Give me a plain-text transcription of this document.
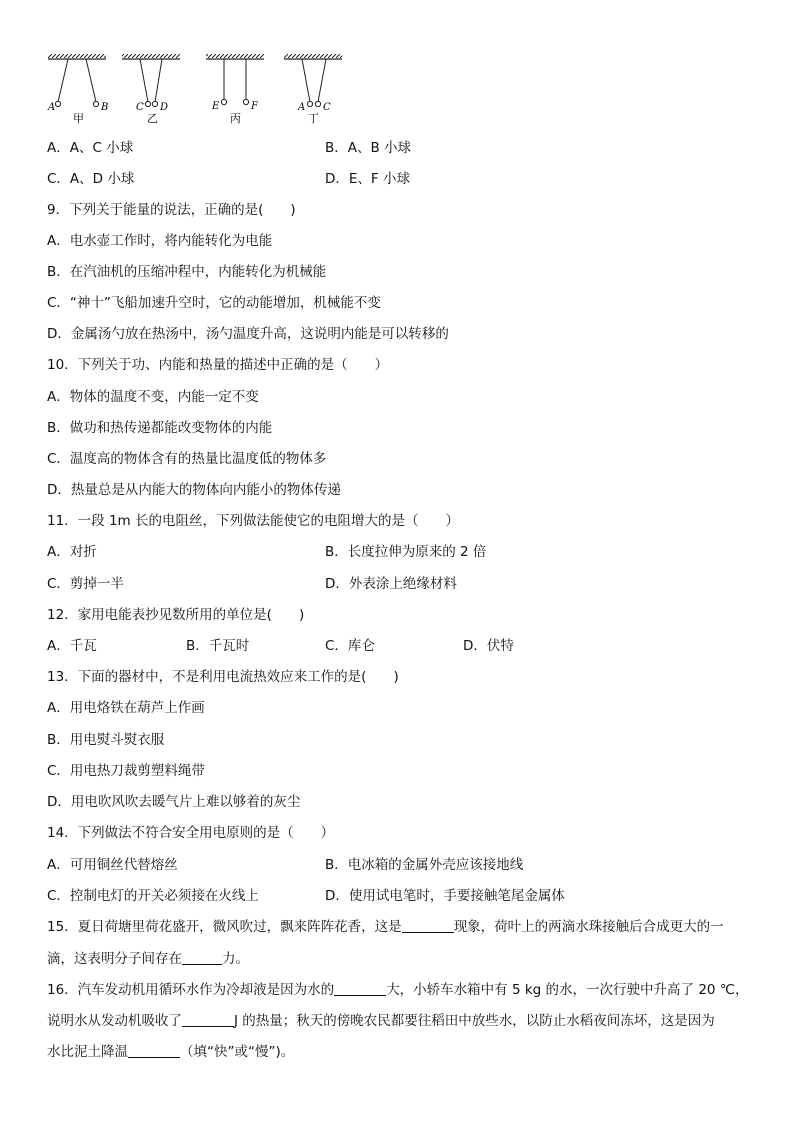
A	B
甲
C D
乙
E	F
丙
A C
丁
A．A、C 小球	B．A、B 小球
C．A、D 小球	D．E、F 小球
9．下列关于能量的说法，正确的是(　　)
A．电水壶工作时，将内能转化为电能
B．在汽油机的压缩冲程中，内能转化为机械能
C．“神十”飞船加速升空时，它的动能增加，机械能不变
D．金属汤勺放在热汤中，汤勺温度升高，这说明内能是可以转移的
10．下列关于功、内能和热量的描述中正确的是（　　）
A．物体的温度不变，内能一定不变
B．做功和热传递都能改变物体的内能
C．温度高的物体含有的热量比温度低的物体多
D．热量总是从内能大的物体向内能小的物体传递
11．一段 1m 长的电阻丝，下列做法能使它的电阻增大的是（　　）
A．对折	B．长度拉伸为原来的 2 倍
C．剪掉一半	D．外表涂上绝缘材料
12．家用电能表抄见数所用的单位是(　　)
A．千瓦	B．千瓦时	C．库仑	D．伏特
13．下面的器材中，不是利用电流热效应来工作的是(　　)
A．用电烙铁在葫芦上作画
B．用电熨斗熨衣服
C．用电热刀裁剪塑料绳带
D．用电吹风吹去暖气片上难以够着的灰尘
14．下列做法不符合安全用电原则的是（　　）
A．可用铜丝代替熔丝	B．电冰箱的金属外壳应该接地线
C．控制电灯的开关必须接在火线上	D．使用试电笔时，手要接触笔尾金属体
15．夏日荷塘里荷花盛开，微风吹过，飘来阵阵花香，这是	现象，荷叶上的两滴水珠接触后合成更大的一
滴，这表明分子间存在	力。
16．汽车发动机用循环水作为冷却液是因为水的	大，小轿车水箱中有 5 kg 的水，一次行驶中升高了 20 ℃，
说明水从发动机吸收了	J 的热量；秋天的傍晚农民都要往稻田中放些水，以防止水稻夜间冻坏，这是因为
水比泥土降温	（填“快”或“慢”)。
